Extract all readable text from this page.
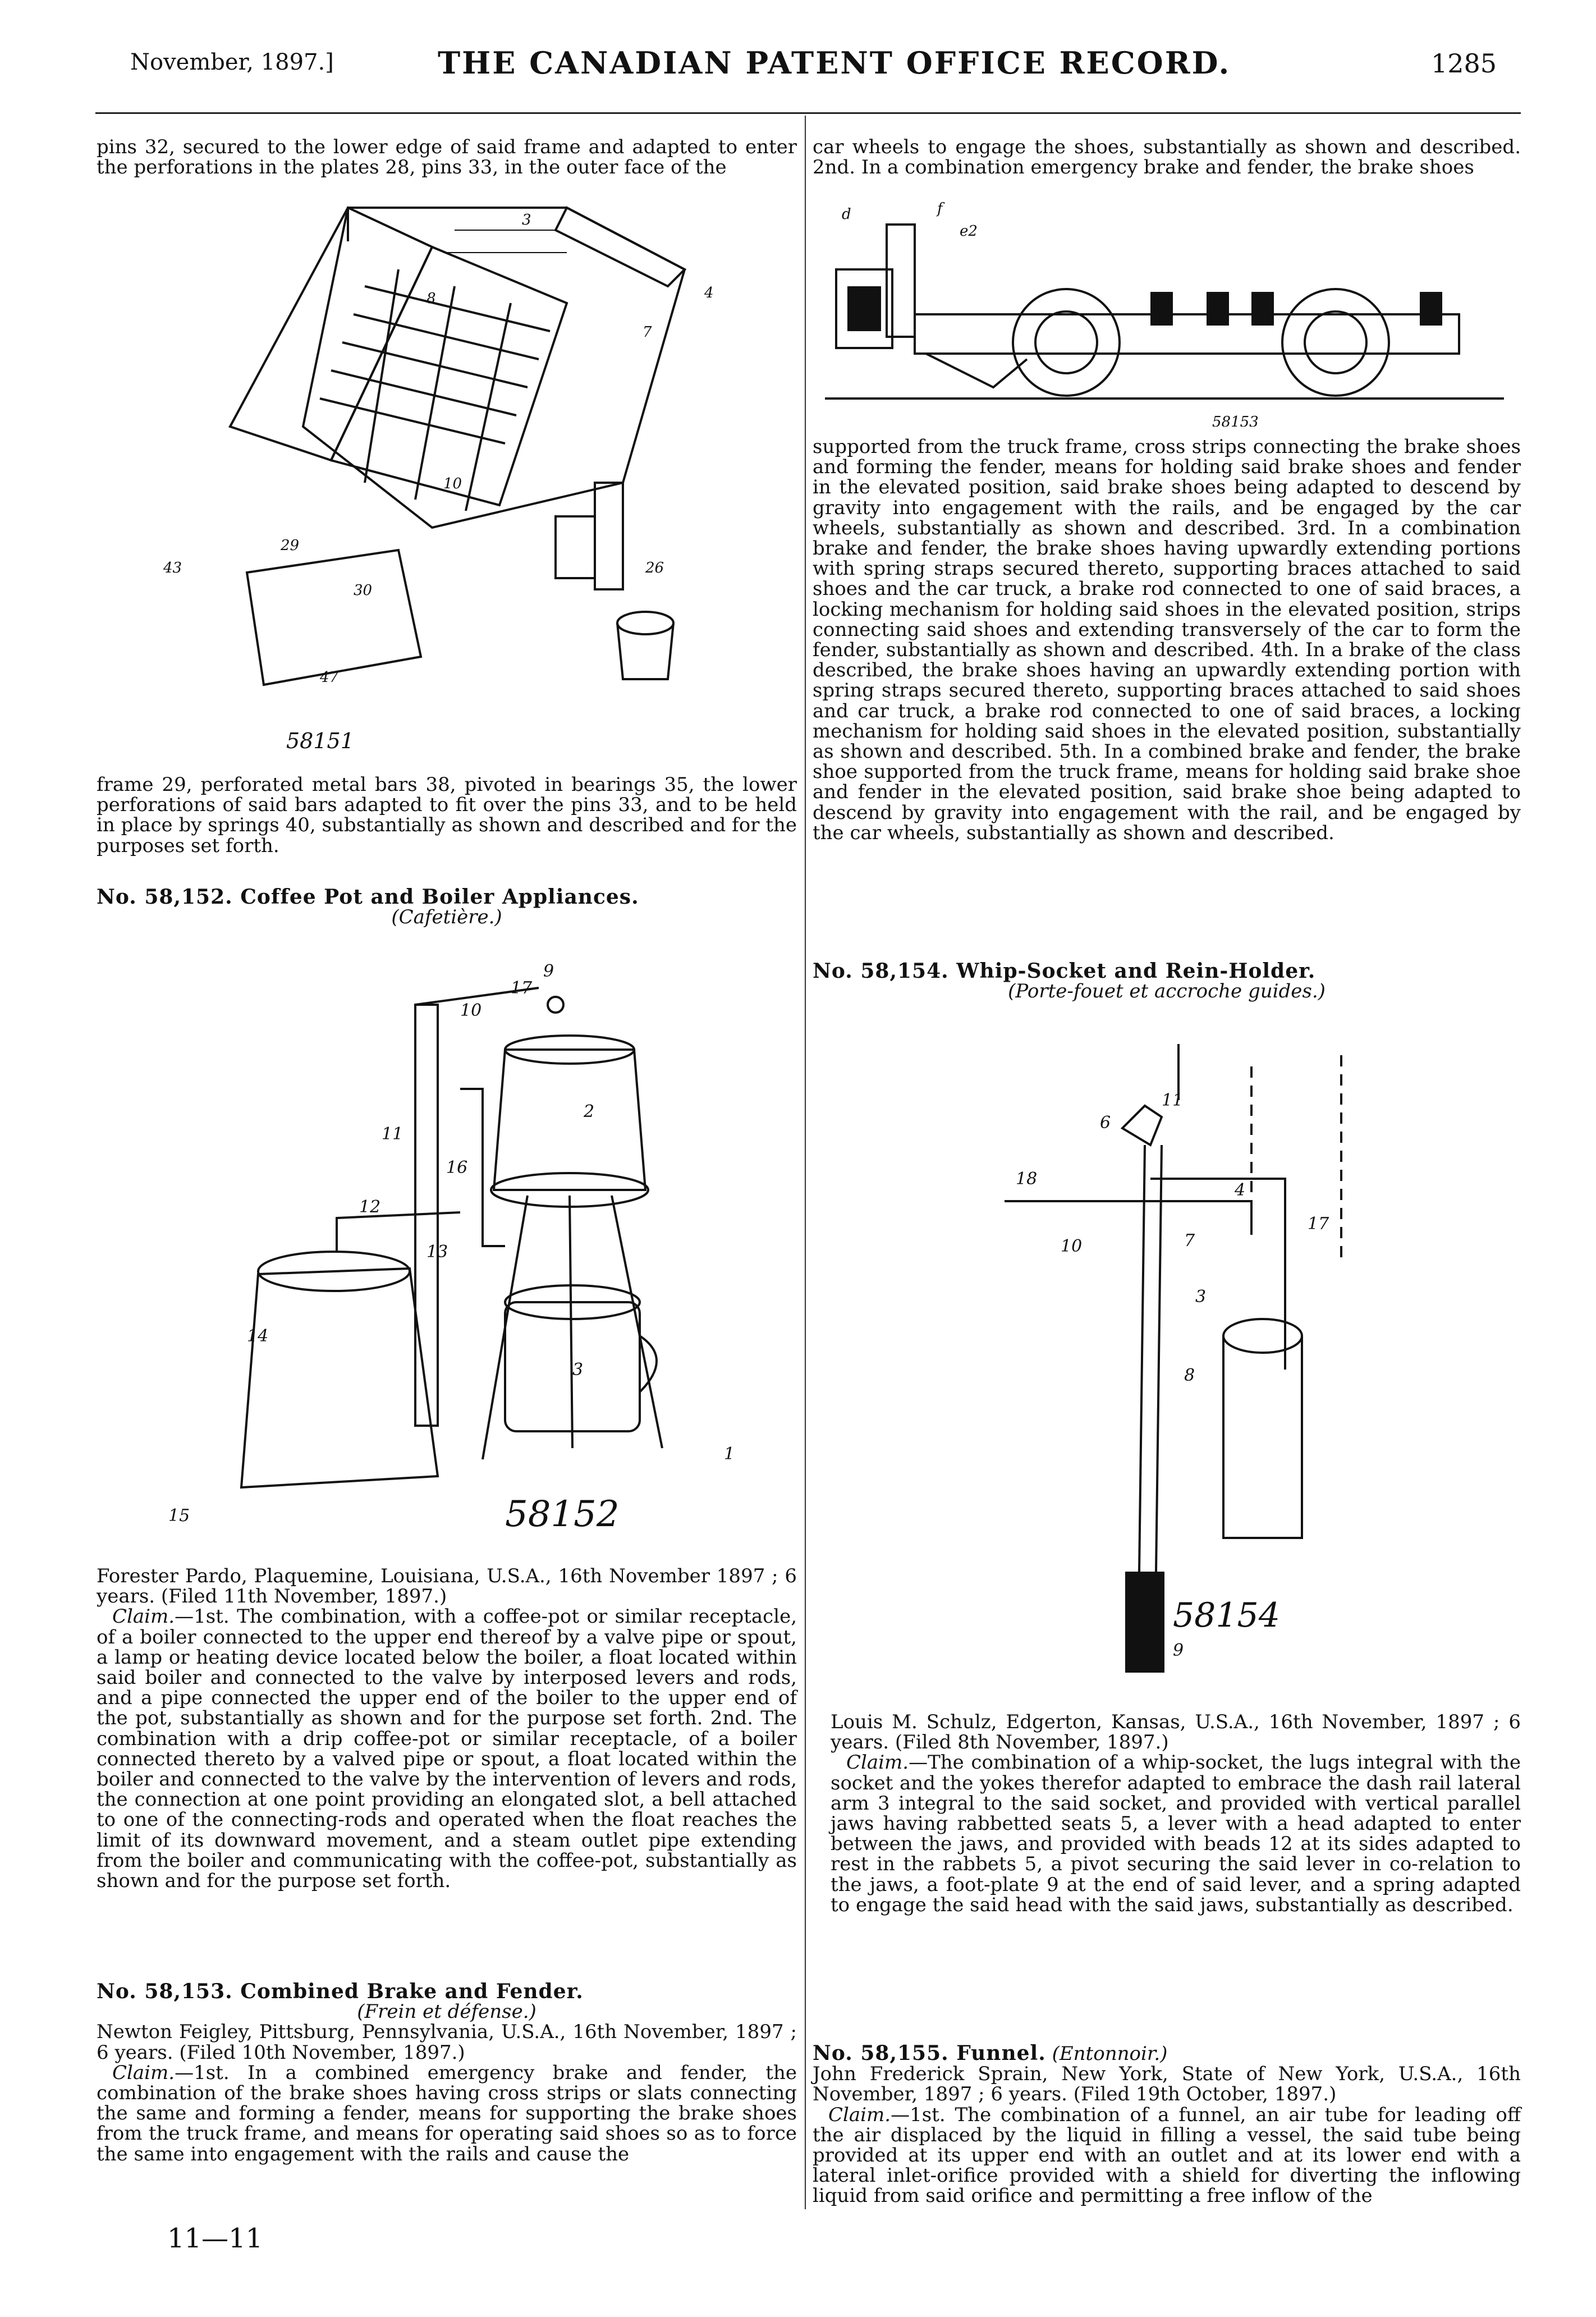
November, 1897.]	THE CANADIAN PATENT OFFICE RECORD.	1285

pins 32, secured to the lower edge of said frame and adapted to enter the perforations in the plates 28, pins 33, in the outer face of the

3
8	4
7
10
29
30
43
47
26
58151

frame 29, perforated metal bars 38, pivoted in bearings 35, the lower perforations of said bars adapted to fit over the pins 33, and to be held in place by springs 40, substantially as shown and described and for the purposes set forth.

No. 58,152. Coffee Pot and Boiler Appliances.

(Cafetière.)

9
17
10
2
11
16
12
13
14
3
1
15	58152

Forester Pardo, Plaquemine, Louisiana, U.S.A., 16th November 1897 ; 6 years. (Filed 11th November, 1897.)

Claim.—1st. The combination, with a coffee-pot or similar receptacle, of a boiler connected to the upper end thereof by a valve pipe or spout, a lamp or heating device located below the boiler, a float located within said boiler and connected to the valve by interposed levers and rods, and a pipe connected the upper end of the boiler to the upper end of the pot, substantially as shown and for the purpose set forth. 2nd. The combination with a drip coffee-pot or similar receptacle, of a boiler connected thereto by a valved pipe or spout, a float located within the boiler and connected to the valve by the intervention of levers and rods, the connection at one point providing an elongated slot, a bell attached to one of the connecting-rods and operated when the float reaches the limit of its downward movement, and a steam outlet pipe extending from the boiler and communicating with the coffee-pot, substantially as shown and for the purpose set forth.

No. 58,153. Combined Brake and Fender.

(Frein et défense.)

Newton Feigley, Pittsburg, Pennsylvania, U.S.A., 16th November, 1897 ; 6 years. (Filed 10th November, 1897.)

Claim.—1st. In a combined emergency brake and fender, the combination of the brake shoes having cross strips or slats connecting the same and forming a fender, means for supporting the brake shoes from the truck frame, and means for operating said shoes so as to force the same into engagement with the rails and cause the

car wheels to engage the shoes, substantially as shown and described. 2nd. In a combination emergency brake and fender, the brake shoes

d	f
e2
58153

supported from the truck frame, cross strips connecting the brake shoes and forming the fender, means for holding said brake shoes and fender in the elevated position, said brake shoes being adapted to descend by gravity into engagement with the rails, and be engaged by the car wheels, substantially as shown and described. 3rd. In a combination brake and fender, the brake shoes having upwardly extending portions with spring straps secured thereto, supporting braces attached to said shoes and the car truck, a brake rod connected to one of said braces, a locking mechanism for holding said shoes in the elevated position, strips connecting said shoes and extending transversely of the car to form the fender, substantially as shown and described. 4th. In a brake of the class described, the brake shoes having an upwardly extending portion with spring straps secured thereto, supporting braces attached to said shoes and car truck, a brake rod connected to one of said braces, a locking mechanism for holding said shoes in the elevated position, substantially as shown and described. 5th. In a combined brake and fender, the brake shoe supported from the truck frame, means for holding said brake shoe and fender in the elevated position, said brake shoe being adapted to descend by gravity into engagement with the rail, and be engaged by the car wheels, substantially as shown and described.

No. 58,154. Whip-Socket and Rein-Holder.

(Porte-fouet et accroche guides.)

6
11
18
10	7
3
8
4
17
9
58154

Louis M. Schulz, Edgerton, Kansas, U.S.A., 16th November, 1897 ; 6 years. (Filed 8th November, 1897.)

Claim.—The combination of a whip-socket, the lugs integral with the socket and the yokes therefor adapted to embrace the dash rail lateral arm 3 integral to the said socket, and provided with vertical parallel jaws having rabbetted seats 5, a lever with a head adapted to enter between the jaws, and provided with beads 12 at its sides adapted to rest in the rabbets 5, a pivot securing the said lever in co-relation to the jaws, a foot-plate 9 at the end of said lever, and a spring adapted to engage the said head with the said jaws, substantially as described.

No. 58,155. Funnel. (Entonnoir.)

John Frederick Sprain, New York, State of New York, U.S.A., 16th November, 1897 ; 6 years. (Filed 19th October, 1897.)

Claim.—1st. The combination of a funnel, an air tube for leading off the air displaced by the liquid in filling a vessel, the said tube being provided at its upper end with an outlet and at its lower end with a lateral inlet-orifice provided with a shield for diverting the inflowing liquid from said orifice and permitting a free inflow of the

11—11
